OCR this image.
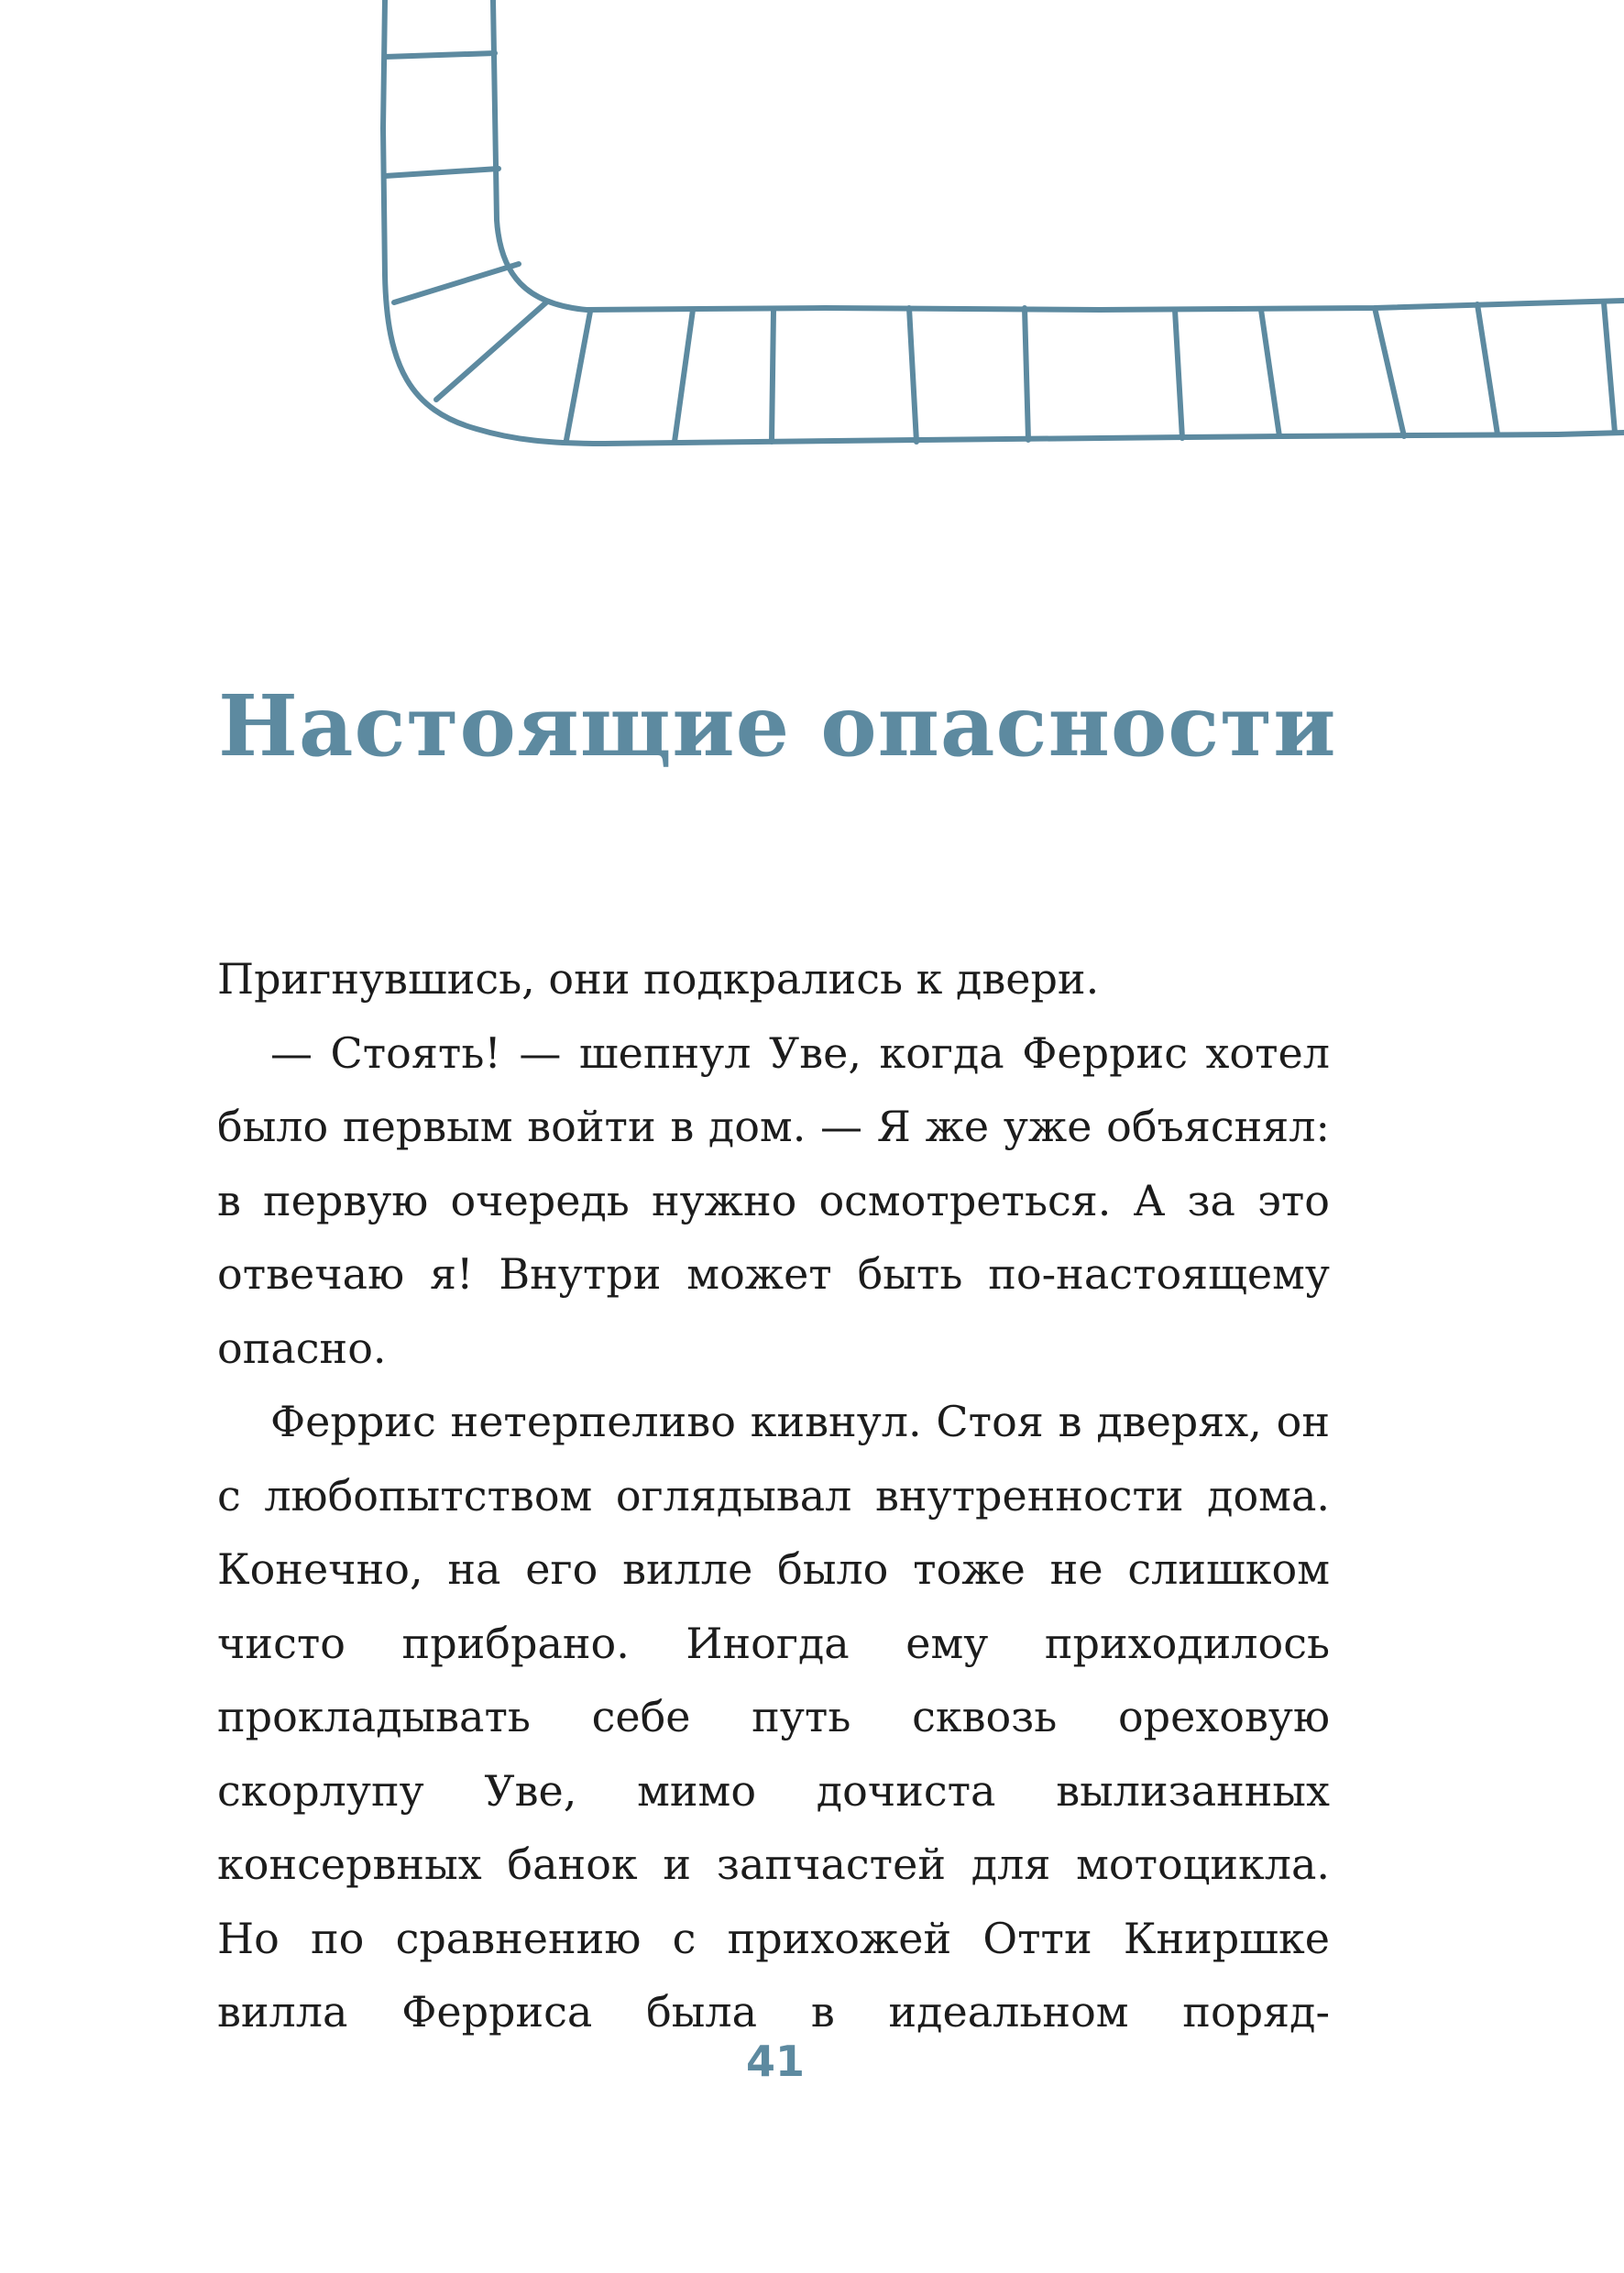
Настоящие опасности

Пригнувшись, они подкрались к двери.

— Стоять! — шепнул Уве, когда Феррис хотел было первым войти в дом. — Я же уже объяснял: в первую очередь нужно осмотреться. А за это отвечаю я! Внутри может быть по-настоящему опасно.

Феррис нетерпеливо кивнул. Стоя в дверях, он с любопытством оглядывал внутренности дома. Конечно, на его вилле было тоже не слишком чисто прибрано. Иногда ему приходилось прокладывать себе путь сквозь ореховую скорлупу Уве, мимо дочиста вылизанных консервных банок и запчастей для мотоцикла. Но по сравнению с прихожей Отти Книршке вилла Ферриса была в идеальном поряд-

41
